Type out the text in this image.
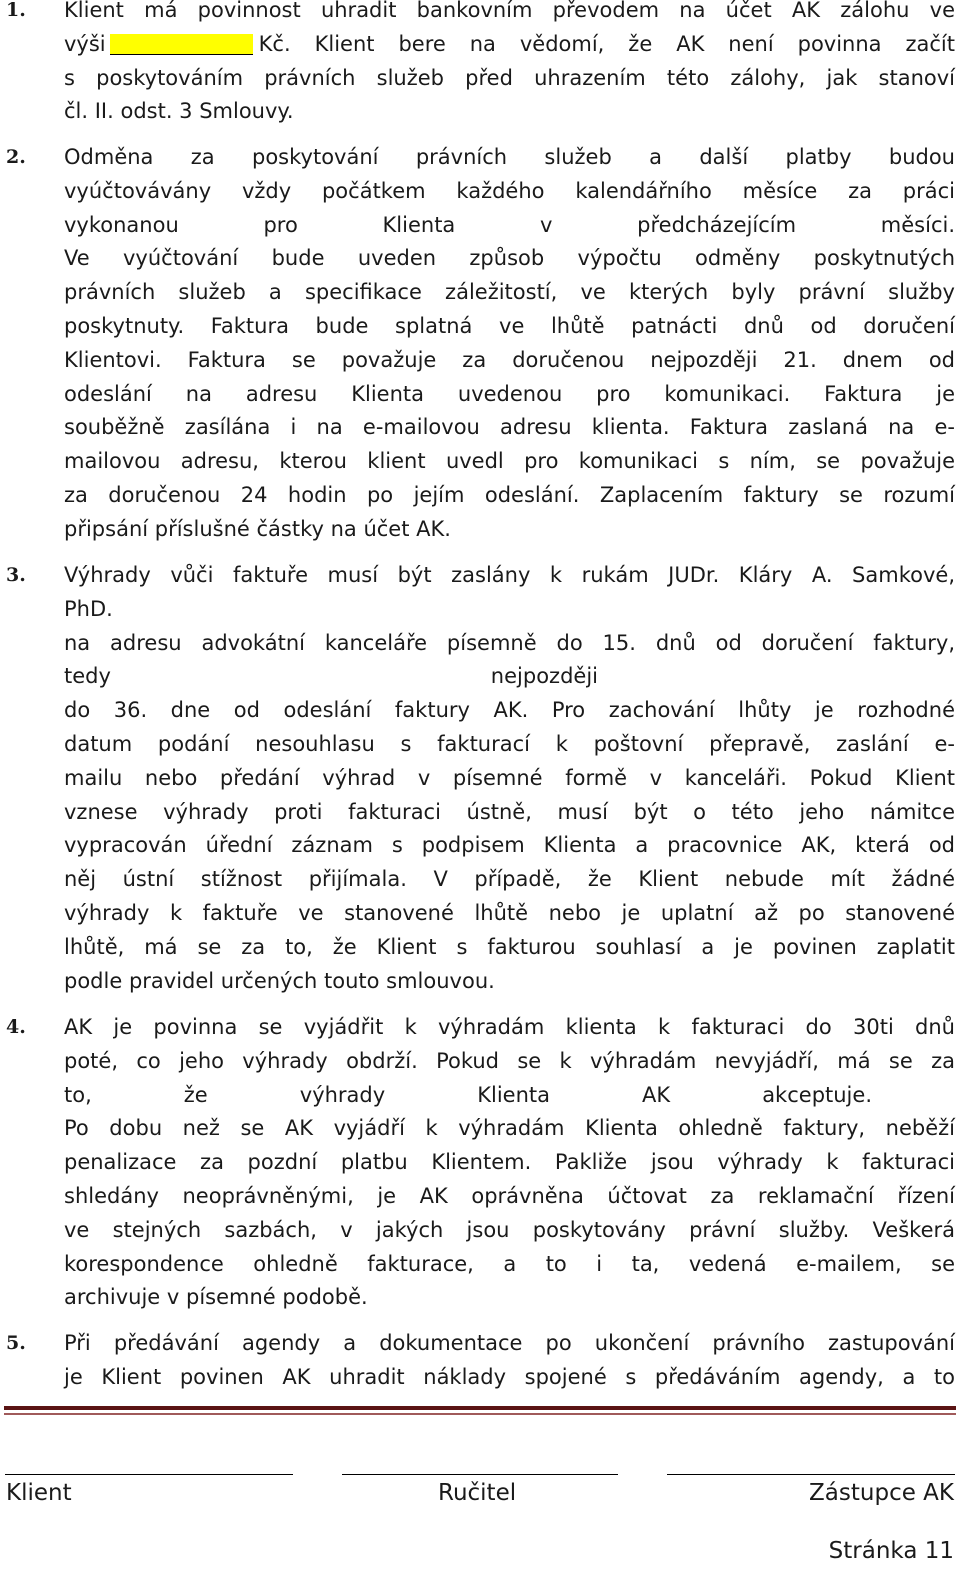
1. Klient má povinnost uhradit bankovním převodem na účet AK zálohu ve
výši	Kč. Klient bere na vědomí, že AK není povinna začít
s poskytováním právních služeb před uhrazením této zálohy, jak stanoví
čl. II. odst. 3 Smlouvy.
2. Odměna za poskytování právních služeb a další platby budou
vyúčtovávány vždy počátkem každého kalendářního měsíce za práci
vykonanou pro Klienta v předcházejícím měsíci.
Ve vyúčtování bude uveden způsob výpočtu odměny poskytnutých
právních služeb a specifikace záležitostí, ve kterých byly právní služby
poskytnuty. Faktura bude splatná ve lhůtě patnácti dnů od doručení
Klientovi. Faktura se považuje za doručenou nejpozději 21. dnem od
odeslání na adresu Klienta uvedenou pro komunikaci. Faktura je
souběžně zasílána i na e-mailovou adresu klienta. Faktura zaslaná na e-
mailovou adresu, kterou klient uvedl pro komunikaci s ním, se považuje
za doručenou 24 hodin po jejím odeslání. Zaplacením faktury se rozumí
připsání příslušné částky na účet AK.
3. Výhrady vůči faktuře musí být zaslány k rukám JUDr. Kláry A. Samkové,
PhD.
na adresu advokátní kanceláře písemně do 15. dnů od doručení faktury,
tedy nejpozději
do 36. dne od odeslání faktury AK. Pro zachování lhůty je rozhodné
datum podání nesouhlasu s fakturací k poštovní přepravě, zaslání e-
mailu nebo předání výhrad v písemné formě v kanceláři. Pokud Klient
vznese výhrady proti fakturaci ústně, musí být o této jeho námitce
vypracován úřední záznam s podpisem Klienta a pracovnice AK, která od
něj ústní stížnost přijímala. V případě, že Klient nebude mít žádné
výhrady k faktuře ve stanovené lhůtě nebo je uplatní až po stanovené
lhůtě, má se za to, že Klient s fakturou souhlasí a je povinen zaplatit
podle pravidel určených touto smlouvou.
4. AK je povinna se vyjádřit k výhradám klienta k fakturaci do 30ti dnů
poté, co jeho výhrady obdrží. Pokud se k výhradám nevyjádří, má se za
to, že výhrady Klienta AK akceptuje.
Po dobu než se AK vyjádří k výhradám Klienta ohledně faktury, neběží
penalizace za pozdní platbu Klientem. Pakliže jsou výhrady k fakturaci
shledány neoprávněnými, je AK oprávněna účtovat za reklamační řízení
ve stejných sazbách, v jakých jsou poskytovány právní služby. Veškerá
korespondence ohledně fakturace, a to i ta, vedená e-mailem, se
archivuje v písemné podobě.
5. Při předávání agendy a dokumentace po ukončení právního zastupování
je Klient povinen AK uhradit náklady spojené s předáváním agendy, a to
Klient	Ručitel	Zástupce AK
Stránka 11
